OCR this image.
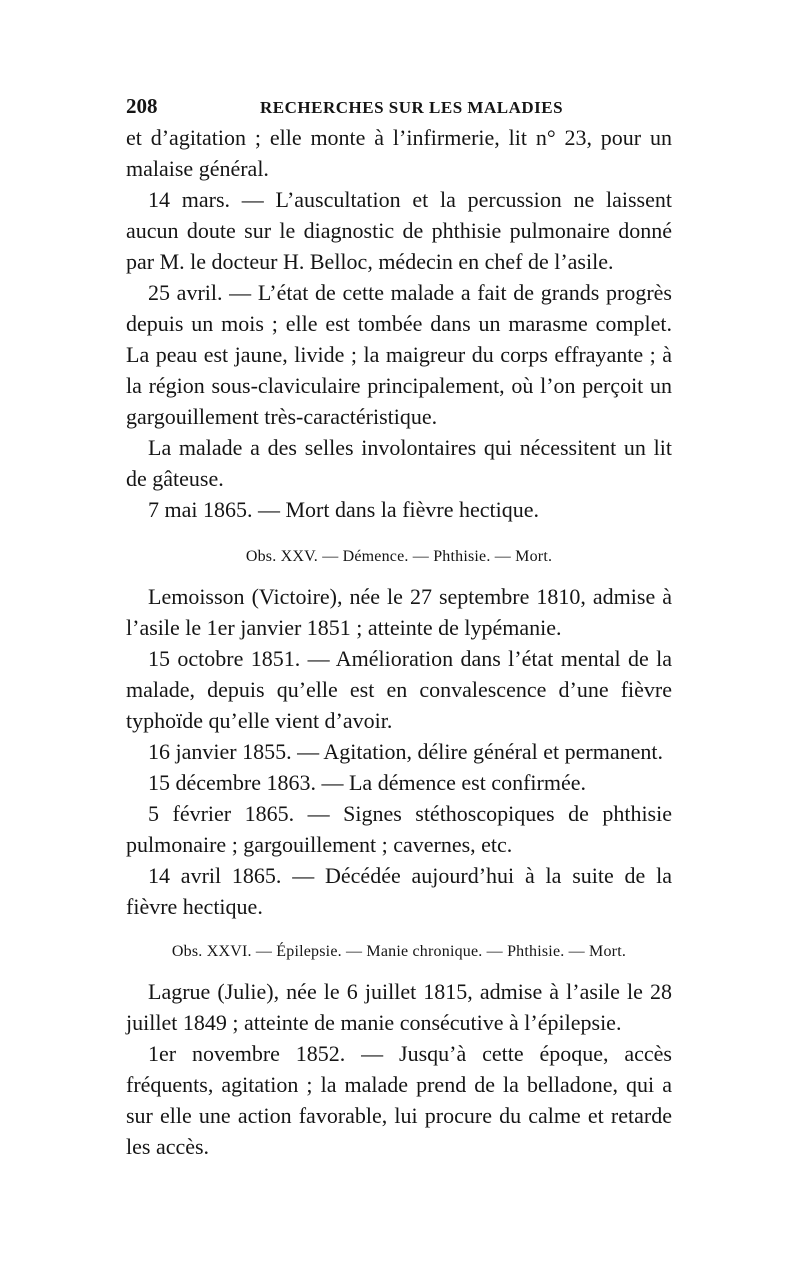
208	RECHERCHES SUR LES MALADIES

et d’agitation ; elle monte à l’infirmerie, lit n° 23, pour un malaise général.

14 mars. — L’auscultation et la percussion ne laissent aucun doute sur le diagnostic de phthisie pulmonaire donné par M. le docteur H. Belloc, médecin en chef de l’asile.

25 avril. — L’état de cette malade a fait de grands progrès depuis un mois ; elle est tombée dans un marasme complet. La peau est jaune, livide ; la maigreur du corps effrayante ; à la région sous-claviculaire principalement, où l’on perçoit un gargouillement très-caractéristique.

La malade a des selles involontaires qui nécessitent un lit de gâteuse.

7 mai 1865. — Mort dans la fièvre hectique.

Obs. XXV. — Démence. — Phthisie. — Mort.

Lemoisson (Victoire), née le 27 septembre 1810, admise à l’asile le 1er janvier 1851 ; atteinte de lypémanie.

15 octobre 1851. — Amélioration dans l’état mental de la malade, depuis qu’elle est en convalescence d’une fièvre typhoïde qu’elle vient d’avoir.

16 janvier 1855. — Agitation, délire général et permanent.

15 décembre 1863. — La démence est confirmée.

5 février 1865. — Signes stéthoscopiques de phthisie pulmonaire ; gargouillement ; cavernes, etc.

14 avril 1865. — Décédée aujourd’hui à la suite de la fièvre hectique.

Obs. XXVI. — Épilepsie. — Manie chronique. — Phthisie. — Mort.

Lagrue (Julie), née le 6 juillet 1815, admise à l’asile le 28 juillet 1849 ; atteinte de manie consécutive à l’épilepsie.

1er novembre 1852. — Jusqu’à cette époque, accès fréquents, agitation ; la malade prend de la belladone, qui a sur elle une action favorable, lui procure du calme et retarde les accès.
